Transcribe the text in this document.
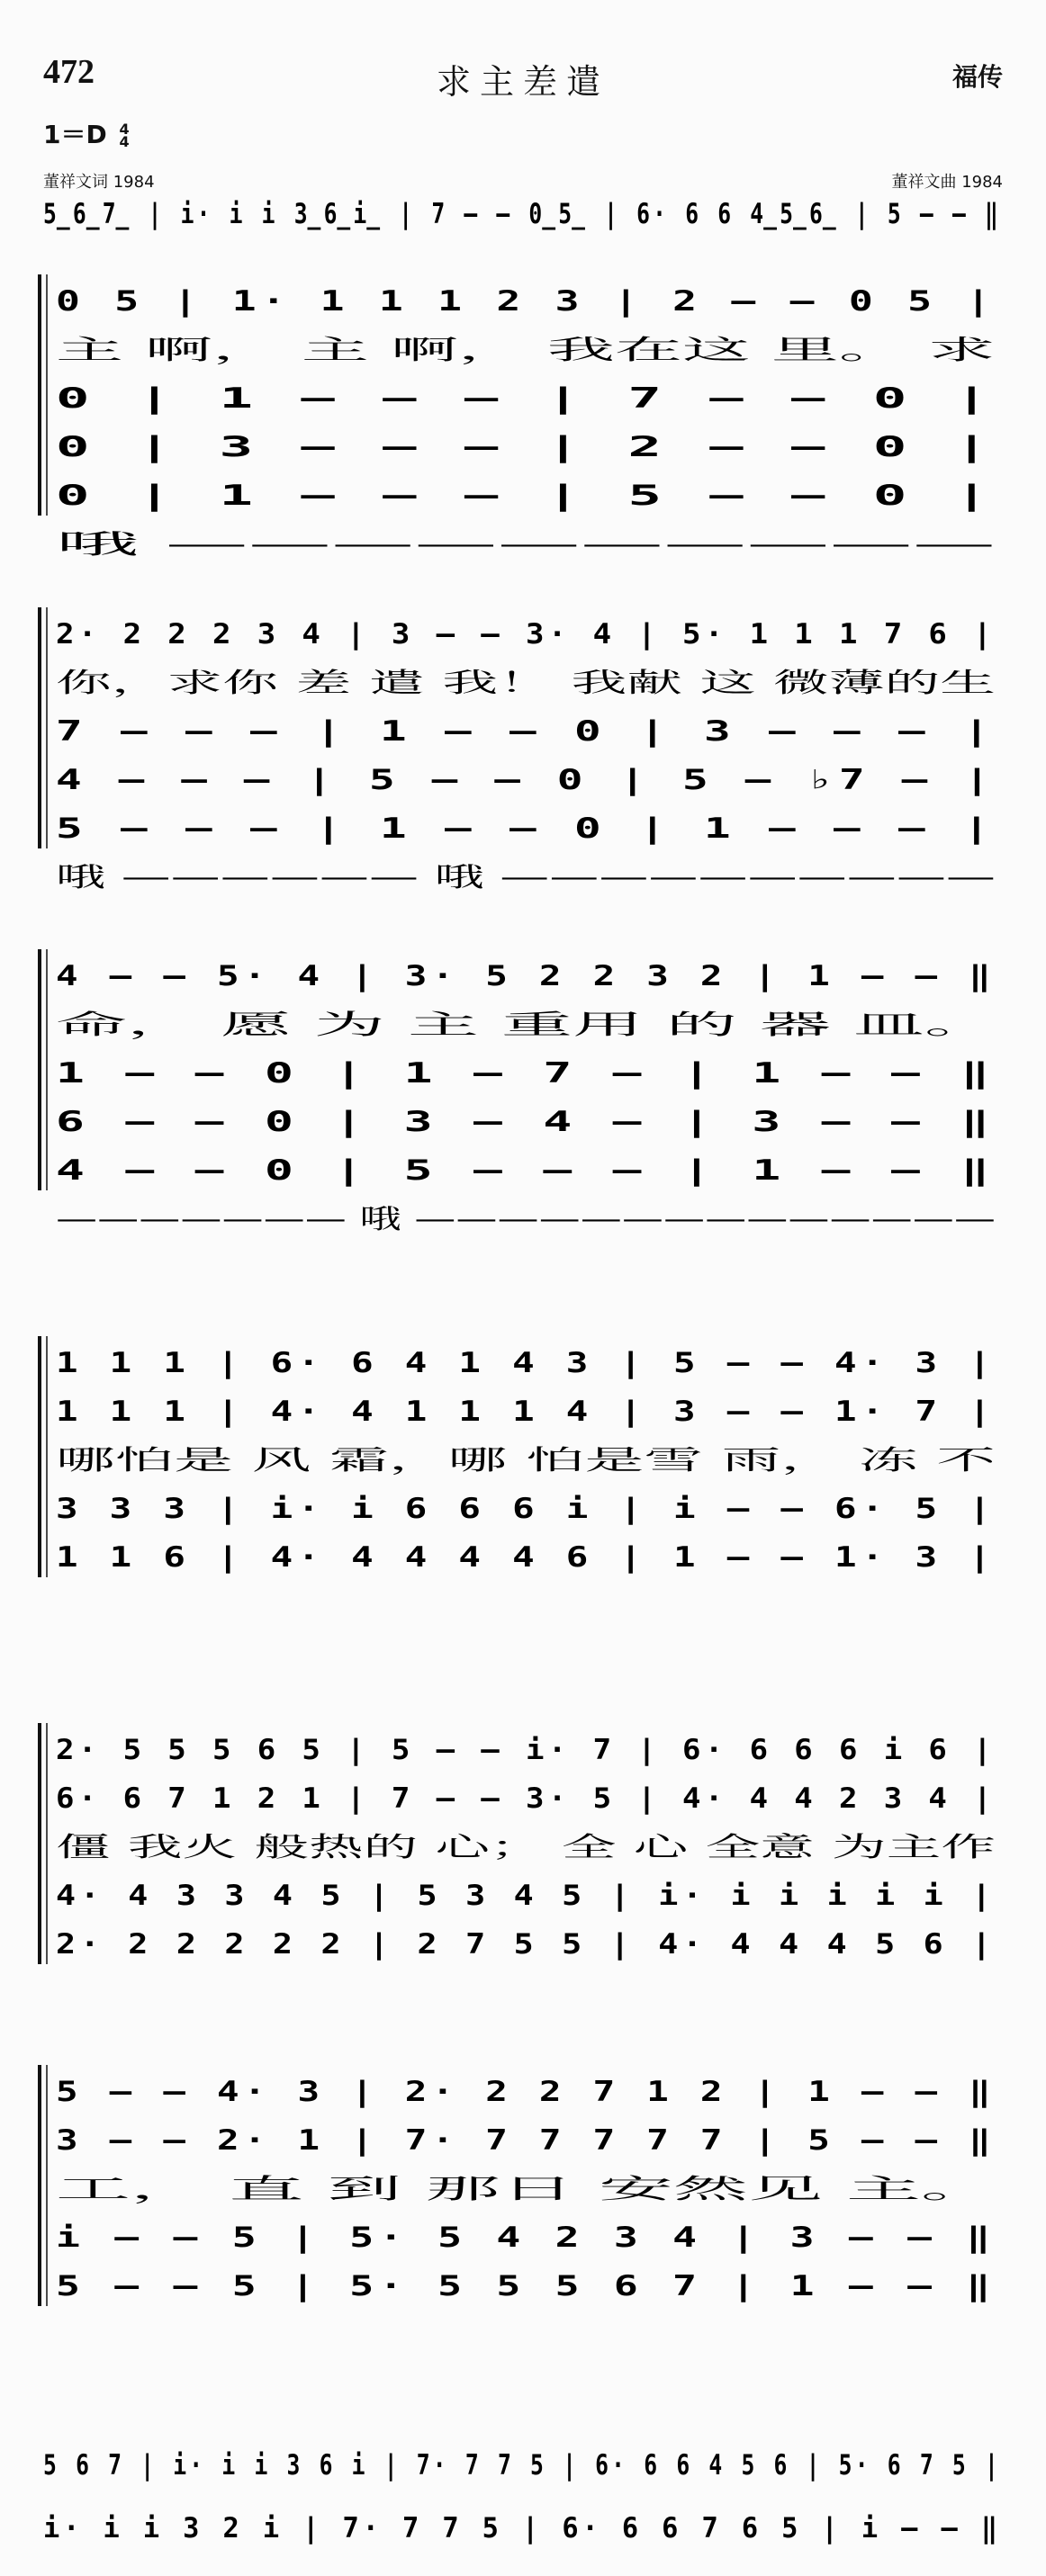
472	求主差遣	福传
1＝D 4
4
董祥文词 1984	董祥文曲 1984
5̲6̲7̲ | i· i i 3̲6̲i̲ | 7 – – 0̲5̲ | 6· 6 6 4̲5̲6̲ | 5 – – ‖
0 5 | 1· 1 1 1 2 3 | 2 – – 0 5 |
主 啊， 主 啊， 我在这 里。 求
0 | 1 – – – | 7 – – 0 |
0 | 3 – – – | 2 – – 0 |
0 | 1 – – – | 5 – – 0 |
哦 ——————————
2· 2 2 2 3 4 | 3 – – 3· 4 | 5· 1 1 1 7 6 |
你，求你 差 遣 我！ 我献 这 微薄的生
7 – – – | 1 – – 0 | 3 – – – |
4 – – – | 5 – – 0 | 5 – ♭7 – |
5 – – – | 1 – – 0 | 1 – – – |
哦 —————— 哦 ——————————
4 – – 5· 4 | 3· 5 2 2 3 2 | 1 – – ‖
命， 愿 为 主 重用 的 器 皿。
1 – – 0 | 1 – 7 – | 1 – – ‖
6 – – 0 | 3 – 4 – | 3 – – ‖
4 – – 0 | 5 – – – | 1 – – ‖
——————— 哦 ——————————————
1 1 1 | 6· 6 4 1 4 3 | 5 – – 4· 3 |
1 1 1 | 4· 4 1 1 1 4 | 3 – – 1· 7 |
哪怕是 风 霜，哪 怕是雪 雨， 冻 不
3 3 3 | i· i 6 6 6 i | i – – 6· 5 |
1 1 6 | 4· 4 4 4 4 6 | 1 – – 1· 3 |
2· 5 5 5 6 5 | 5 – – i· 7 | 6· 6 6 6 i 6 |
6· 6 7 1 2 1 | 7 – – 3· 5 | 4· 4 4 2 3 4 |
僵 我火 般热的 心； 全 心 全意 为主作
4· 4 3 3 4 5 | 5 3 4 5 | i· i i i i i |
2· 2 2 2 2 2 | 2 7 5 5 | 4· 4 4 4 5 6 |
5 – – 4· 3 | 2· 2 2 7 1 2 | 1 – – ‖
3 – – 2· 1 | 7· 7 7 7 7 7 | 5 – – ‖
工， 直 到 那日 安然见 主。
i – – 5 | 5· 5 4 2 3 4 | 3 – – ‖
5 – – 5 | 5· 5 5 5 6 7 | 1 – – ‖
5 6 7 | i· i i 3 6 i | 7· 7 7 5 | 6· 6 6 4 5 6 | 5· 6 7 5 |
i· i i 3 2 i | 7· 7 7 5 | 6· 6 6 7 6 5 | i – – ‖
